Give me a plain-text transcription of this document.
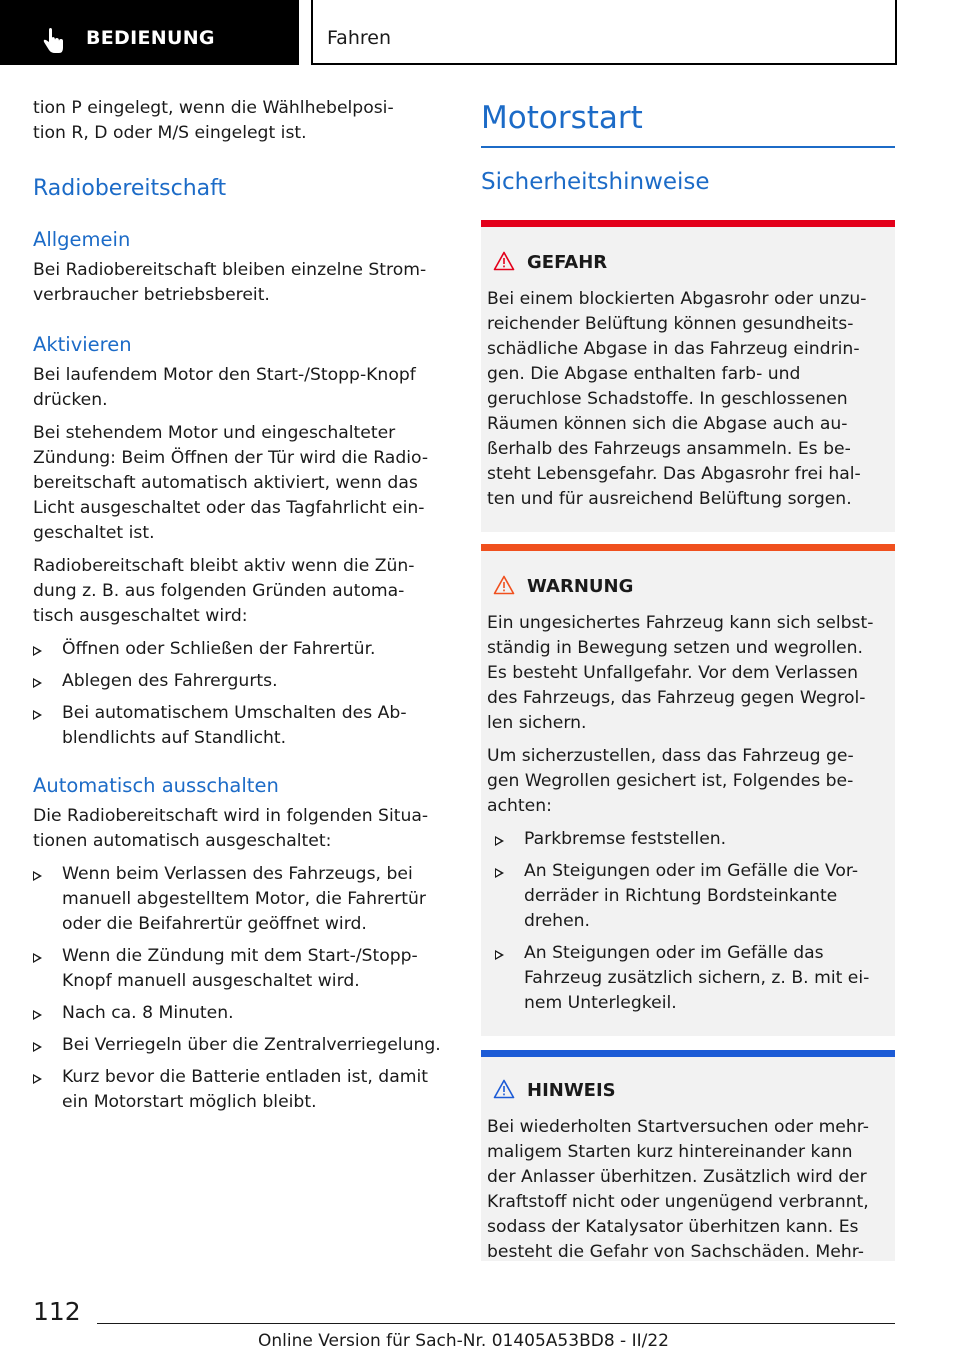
BEDIENUNG	Fahren

tion P eingelegt, wenn die Wählhebelposi-
tion R, D oder M/S eingelegt ist.

Radiobereitschaft
Allgemein

Bei Radiobereitschaft bleiben einzelne Strom-
verbraucher betriebsbereit.

Aktivieren

Bei laufendem Motor den Start-/Stopp-Knopf
drücken.

Bei stehendem Motor und eingeschalteter
Zündung: Beim Öffnen der Tür wird die Radio-
bereitschaft automatisch aktiviert, wenn das
Licht ausgeschaltet oder das Tagfahrlicht ein-
geschaltet ist.

Radiobereitschaft bleibt aktiv wenn die Zün-
dung z. B. aus folgenden Gründen automa-
tisch ausgeschaltet wird:

Öffnen oder Schließen der Fahrertür.
Ablegen des Fahrergurts.
Bei automatischem Umschalten des Ab-
blendlichts auf Standlicht.
Automatisch ausschalten

Die Radiobereitschaft wird in folgenden Situa-
tionen automatisch ausgeschaltet:

Wenn beim Verlassen des Fahrzeugs, bei
manuell abgestelltem Motor, die Fahrertür
oder die Beifahrertür geöffnet wird.
Wenn die Zündung mit dem Start-/Stopp-
Knopf manuell ausgeschaltet wird.
Nach ca. 8 Minuten.
Bei Verriegeln über die Zentralverriegelung.
Kurz bevor die Batterie entladen ist, damit
ein Motorstart möglich bleibt.
Motorstart
Sicherheitshinweise
GEFAHR

Bei einem blockierten Abgasrohr oder unzu-
reichender Belüftung können gesundheits-
schädliche Abgase in das Fahrzeug eindrin-
gen. Die Abgase enthalten farb- und
geruchlose Schadstoffe. In geschlossenen
Räumen können sich die Abgase auch au-
ßerhalb des Fahrzeugs ansammeln. Es be-
steht Lebensgefahr. Das Abgasrohr frei hal-
ten und für ausreichend Belüftung sorgen.

WARNUNG

Ein ungesichertes Fahrzeug kann sich selbst-
ständig in Bewegung setzen und wegrollen.
Es besteht Unfallgefahr. Vor dem Verlassen
des Fahrzeugs, das Fahrzeug gegen Wegrol-
len sichern.

Um sicherzustellen, dass das Fahrzeug ge-
gen Wegrollen gesichert ist, Folgendes be-
achten:

Parkbremse feststellen.
An Steigungen oder im Gefälle die Vor-
derräder in Richtung Bordsteinkante
drehen.
An Steigungen oder im Gefälle das
Fahrzeug zusätzlich sichern, z. B. mit ei-
nem Unterlegkeil.
HINWEIS

Bei wiederholten Startversuchen oder mehr-
maligem Starten kurz hintereinander kann
der Anlasser überhitzen. Zusätzlich wird der
Kraftstoff nicht oder ungenügend verbrannt,
sodass der Katalysator überhitzen kann. Es
besteht die Gefahr von Sachschäden. Mehr-

112
Online Version für Sach-Nr. 01405A53BD8 - II/22
